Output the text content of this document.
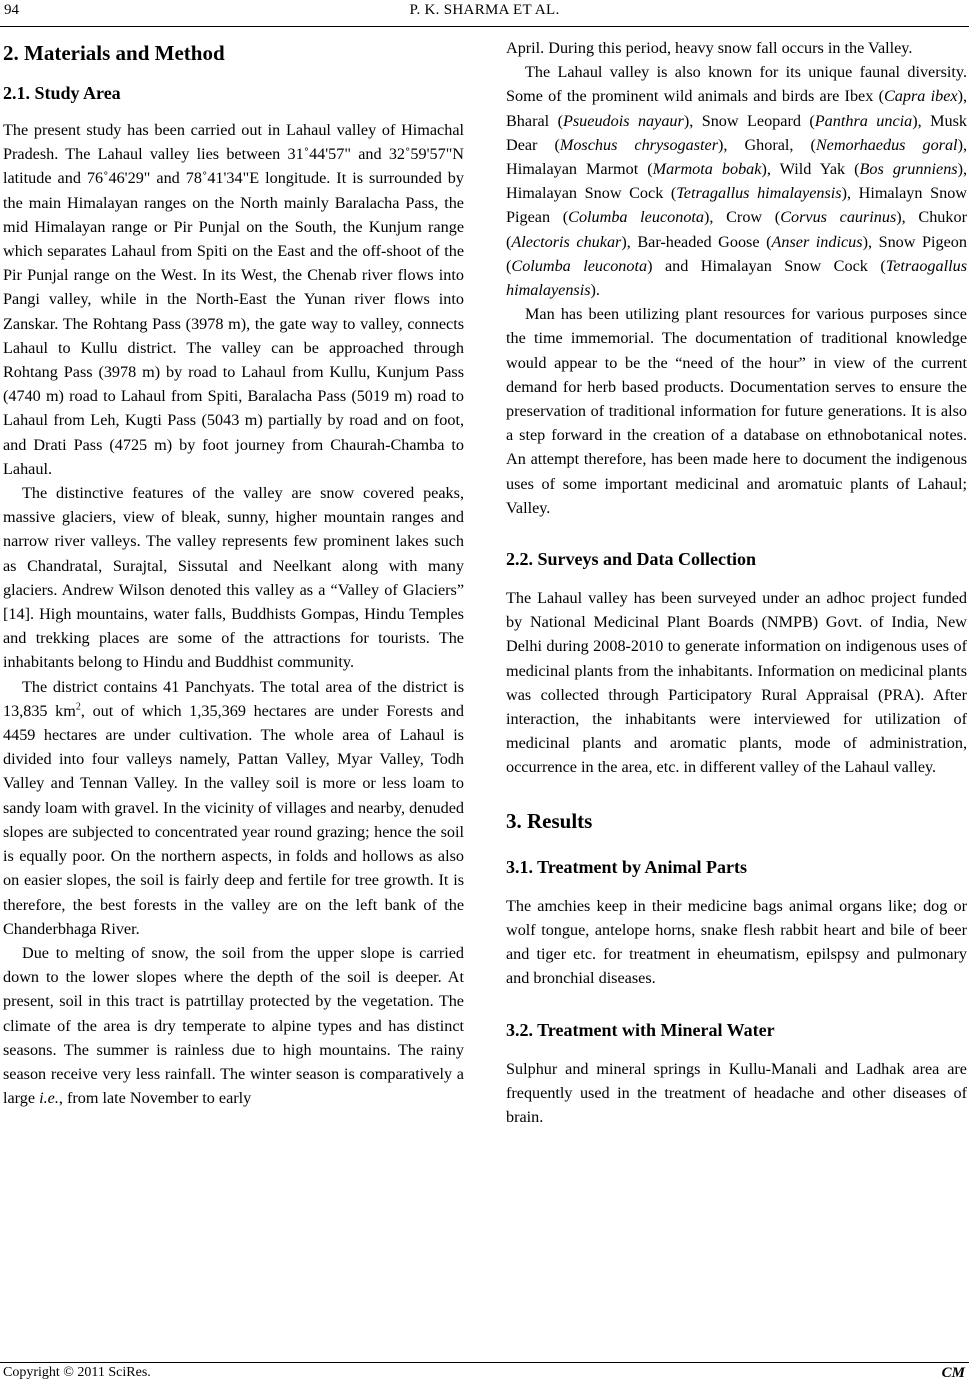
94	P. K. SHARMA ET AL.
2. Materials and Method
2.1. Study Area

The present study has been carried out in Lahaul valley of Himachal Pradesh. The Lahaul valley lies between 31˚44'57" and 32˚59'57"N latitude and 76˚46'29" and 78˚41'34"E longitude. It is surrounded by the main Himalayan ranges on the North mainly Baralacha Pass, the mid Himalayan range or Pir Punjal on the South, the Kunjum range which separates Lahaul from Spiti on the East and the off-shoot of the Pir Punjal range on the West. In its West, the Chenab river flows into Pangi valley, while in the North-East the Yunan river flows into Zanskar. The Rohtang Pass (3978 m), the gate way to valley, connects Lahaul to Kullu district. The valley can be approached through Rohtang Pass (3978 m) by road to Lahaul from Kullu, Kunjum Pass (4740 m) road to Lahaul from Spiti, Baralacha Pass (5019 m) road to Lahaul from Leh, Kugti Pass (5043 m) partially by road and on foot, and Drati Pass (4725 m) by foot journey from Chaurah-Chamba to Lahaul.

The distinctive features of the valley are snow covered peaks, massive glaciers, view of bleak, sunny, higher mountain ranges and narrow river valleys. The valley represents few prominent lakes such as Chandratal, Surajtal, Sissutal and Neelkant along with many glaciers. Andrew Wilson denoted this valley as a “Valley of Glaciers” [14]. High mountains, water falls, Buddhists Gompas, Hindu Temples and trekking places are some of the attractions for tourists. The inhabitants belong to Hindu and Buddhist community.

The district contains 41 Panchyats. The total area of the district is 13,835 $km^2$, out of which 1,35,369 hectares are under Forests and 4459 hectares are under cultivation. The whole area of Lahaul is divided into four valleys namely, Pattan Valley, Myar Valley, Todh Valley and Tennan Valley. In the valley soil is more or less loam to sandy loam with gravel. In the vicinity of villages and nearby, denuded slopes are subjected to concentrated year round grazing; hence the soil is equally poor. On the northern aspects, in folds and hollows as also on easier slopes, the soil is fairly deep and fertile for tree growth. It is therefore, the best forests in the valley are on the left bank of the Chanderbhaga River.

Due to melting of snow, the soil from the upper slope is carried down to the lower slopes where the depth of the soil is deeper. At present, soil in this tract is patrtillay protected by the vegetation. The climate of the area is dry temperate to alpine types and has distinct seasons. The summer is rainless due to high mountains. The rainy season receive very less rainfall. The winter season is comparatively a large i.e., from late November to early

April. During this period, heavy snow fall occurs in the Valley.

The Lahaul valley is also known for its unique faunal diversity. Some of the prominent wild animals and birds are Ibex (Capra ibex), Bharal (Psueudois nayaur), Snow Leopard (Panthra uncia), Musk Dear (Moschus chrysogaster), Ghoral, (Nemorhaedus goral), Himalayan Marmot (Marmota bobak), Wild Yak (Bos grunniens), Himalayan Snow Cock (Tetragallus himalayensis), Himalayn Snow Pigean (Columba leuconota), Crow (Corvus caurinus), Chukor (Alectoris chukar), Bar-headed Goose (Anser indicus), Snow Pigeon (Columba leuconota) and Himalayan Snow Cock (Tetraogallus himalayensis).

Man has been utilizing plant resources for various purposes since the time immemorial. The documentation of traditional knowledge would appear to be the “need of the hour” in view of the current demand for herb based products. Documentation serves to ensure the preservation of traditional information for future generations. It is also a step forward in the creation of a database on ethnobotanical notes. An attempt therefore, has been made here to document the indigenous uses of some important medicinal and aromatuic plants of Lahaul; Valley.

2.2. Surveys and Data Collection

The Lahaul valley has been surveyed under an adhoc project funded by National Medicinal Plant Boards (NMPB) Govt. of India, New Delhi during 2008-2010 to generate information on indigenous uses of medicinal plants from the inhabitants. Information on medicinal plants was collected through Participatory Rural Appraisal (PRA). After interaction, the inhabitants were interviewed for utilization of medicinal plants and aromatic plants, mode of administration, occurrence in the area, etc. in different valley of the Lahaul valley.

3. Results
3.1. Treatment by Animal Parts

The amchies keep in their medicine bags animal organs like; dog or wolf tongue, antelope horns, snake flesh rabbit heart and bile of beer and tiger etc. for treatment in eheumatism, epilspsy and pulmonary and bronchial diseases.

3.2. Treatment with Mineral Water

Sulphur and mineral springs in Kullu-Manali and Ladhak area are frequently used in the treatment of headache and other diseases of brain.

Copyright © 2011 SciRes.	CM
